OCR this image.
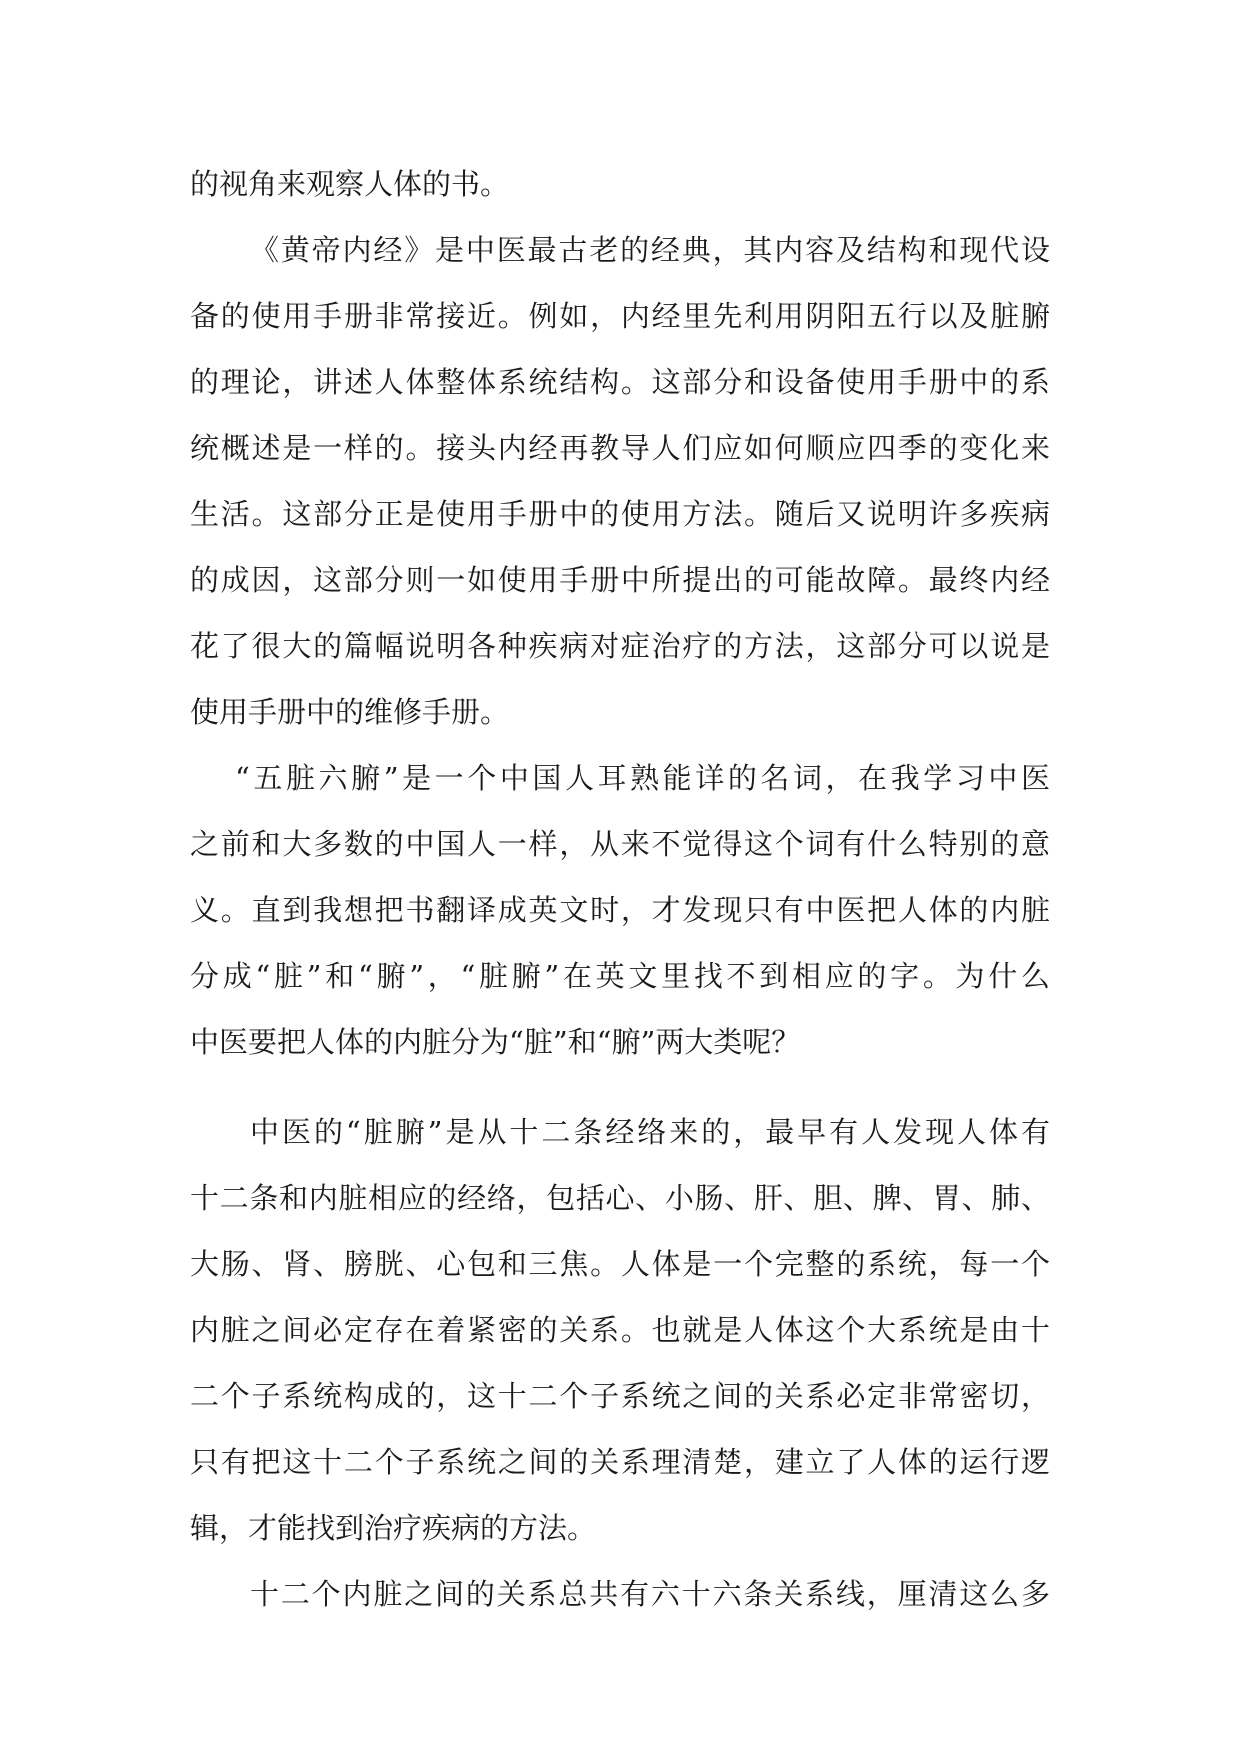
的视角来观察人体的书。
《黄帝内经》是中医最古老的经典，其内容及结构和现代设
备的使用手册非常接近。例如，内经里先利用阴阳五行以及脏腑
的理论，讲述人体整体系统结构。这部分和设备使用手册中的系
统概述是一样的。接头内经再教导人们应如何顺应四季的变化来
生活。这部分正是使用手册中的使用方法。随后又说明许多疾病
的成因，这部分则一如使用手册中所提出的可能故障。最终内经
花了很大的篇幅说明各种疾病对症治疗的方法，这部分可以说是
使用手册中的维修手册。
“五脏六腑”是一个中国人耳熟能详的名词，在我学习中医
之前和大多数的中国人一样，从来不觉得这个词有什么特别的意
义。直到我想把书翻译成英文时，才发现只有中医把人体的内脏
分成“脏”和“腑”，“脏腑”在英文里找不到相应的字。为什么
中医要把人体的内脏分为“脏”和“腑”两大类呢？
中医的“脏腑”是从十二条经络来的，最早有人发现人体有
十二条和内脏相应的经络，包括心、小肠、肝、胆、脾、胃、肺、
大肠、肾、膀胱、心包和三焦。人体是一个完整的系统，每一个
内脏之间必定存在着紧密的关系。也就是人体这个大系统是由十
二个子系统构成的，这十二个子系统之间的关系必定非常密切，
只有把这十二个子系统之间的关系理清楚，建立了人体的运行逻
辑，才能找到治疗疾病的方法。
十二个内脏之间的关系总共有六十六条关系线，厘清这么多
